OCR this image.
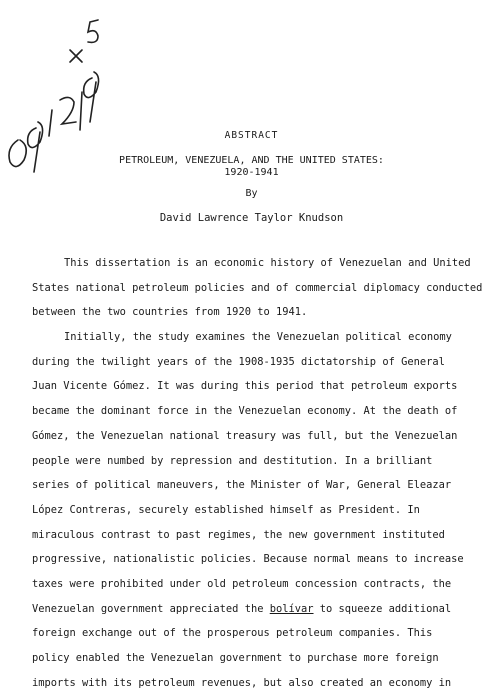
ABSTRACT
PETROLEUM, VENEZUELA, AND THE UNITED STATES:
1920-1941
By
David Lawrence Taylor Knudson
This dissertation is an economic history of Venezuelan and United
States national petroleum policies and of commercial diplomacy conducted
between the two countries from 1920 to 1941.
Initially, the study examines the Venezuelan political economy
during the twilight years of the 1908-1935 dictatorship of General
Juan Vicente Gómez. It was during this period that petroleum exports
became the dominant force in the Venezuelan economy. At the death of
Gómez, the Venezuelan national treasury was full, but the Venezuelan
people were numbed by repression and destitution. In a brilliant
series of political maneuvers, the Minister of War, General Eleazar
López Contreras, securely established himself as President. In
miraculous contrast to past regimes, the new government instituted
progressive, nationalistic policies. Because normal means to increase
taxes were prohibited under old petroleum concession contracts, the
Venezuelan government appreciated the bolívar to squeeze additional
foreign exchange out of the prosperous petroleum companies. This
policy enabled the Venezuelan government to purchase more foreign
imports with its petroleum revenues, but also created an economy in
